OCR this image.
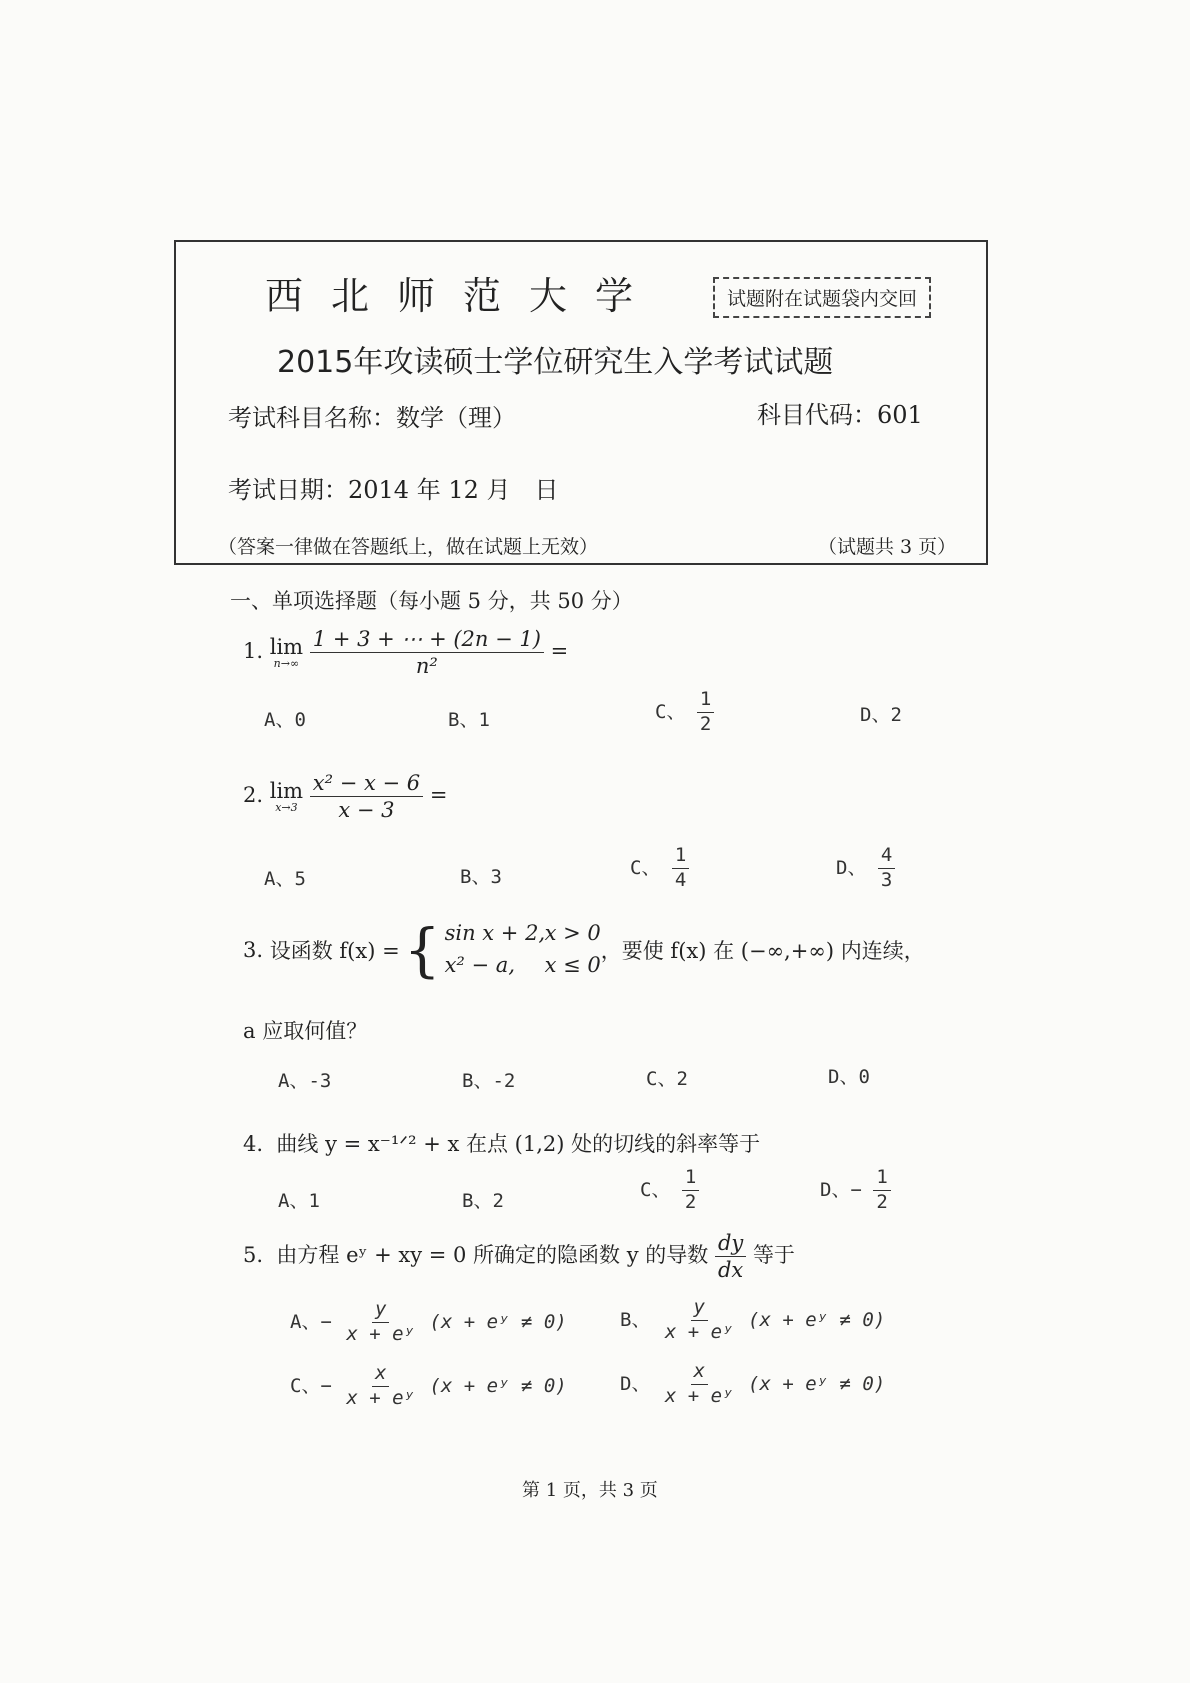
西北师范大学	试题附在试题袋内交回
2015年攻读硕士学位研究生入学考试试题
考试科目名称：数学（理）	科目代码：601
考试日期：2014 年 12 月　日
（答案一律做在答题纸上，做在试题上无效）	（试题共 3 页）
一、单项选择题（每小题 5 分，共 50 分）
1. lim
n→∞
$\frac{1 + 3 + \cdots + (2n - 1)}{\text{n²}}$ =
A、0	B、1	C、 $\frac{1}{2}$	D、2
2. lim
x→3
$\frac{\text{x² − x − 6}}{x - 3}$ =
A、5	B、3	C、 $\frac{1}{4}$	D、 $\frac{4}{3}$
3.
设函数 f(x) = { sin x + 2,x > 0
x² − a, x ≤ 0
，要使 f(x) 在 (−∞,+∞) 内连续，
a 应取何值？
A、-3	B、-2	C、2	D、0
4. 曲线 y = x⁻¹ᐟ² + x 在点 (1,2) 处的切线的斜率等于
A、1	B、2
C、 $\frac{1}{2}$	D、− $\frac{1}{2}$
5. 由方程 eʸ + xy = 0 所确定的隐函数 y 的导数 $\frac{dy}{dx}$ 等于
A、− $\frac{y}{\text{x + eʸ}} (x$ + eʸ ≠ 0)	B、 $\frac{y}{\text{x + eʸ}} (x$ + eʸ ≠ 0)
C、− $\frac{x}{\text{x + eʸ}} (x$ + eʸ ≠ 0)	D、 $\frac{x}{\text{x + eʸ}} (x$ + eʸ ≠ 0)
第 1 页，共 3 页
